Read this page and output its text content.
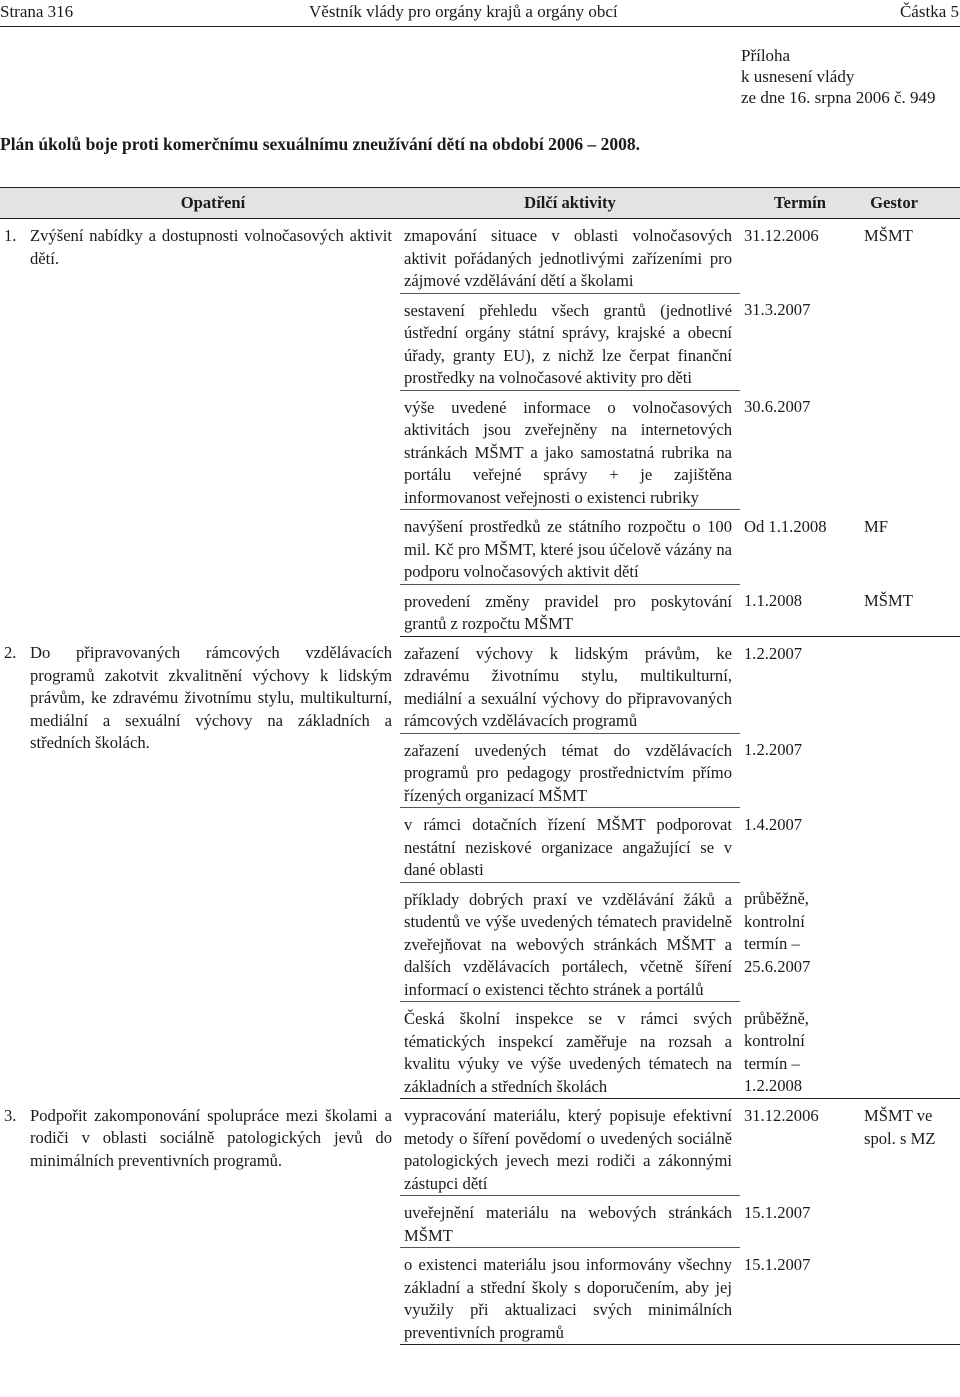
Strana 316	Věstník vlády pro orgány krajů a orgány obcí	Částka 5
Příloha
k usnesení vlády
ze dne 16. srpna 2006 č. 949
Plán úkolů boje proti komerčnímu sexuálnímu zneužívání dětí na období 2006 – 2008.
	Opatření	Dílčí aktivity	Termín	Gestor
1.	Zvýšení nabídky a dostupnosti volnočasových aktivit dětí.	zmapování situace v oblasti volnočasových aktivit pořádaných jednotlivými zařízeními pro zájmové vzdělávání dětí a školami	31.12.2006	MŠMT
		sestavení přehledu všech grantů (jednotlivé ústřední orgány státní správy, krajské a obecní úřady, granty EU), z nichž lze čerpat finanční prostředky na volnočasové aktivity pro děti	31.3.2007	
		výše uvedené informace o volnočasových aktivitách jsou zveřejněny na internetových stránkách MŠMT a jako samostatná rubrika na portálu veřejné správy + je zajištěna informovanost veřejnosti o existenci rubriky	30.6.2007	
		navýšení prostředků ze státního rozpočtu o 100 mil. Kč pro MŠMT, které jsou účelově vázány na podporu volnočasových aktivit dětí	Od 1.1.2008	MF
		provedení změny pravidel pro poskytování grantů z rozpočtu MŠMT	1.1.2008	MŠMT
2.	Do připravovaných rámcových vzdělávacích programů zakotvit zkvalitnění výchovy k lidským právům, ke zdravému životnímu stylu, multikulturní, mediální a sexuální výchovy na základních a středních školách.	zařazení výchovy k lidským právům, ke zdravému životnímu stylu, multikulturní, mediální a sexuální výchovy do připravovaných rámcových vzdělávacích programů	1.2.2007	
		zařazení uvedených témat do vzdělávacích programů pro pedagogy prostřednictvím přímo řízených organizací MŠMT	1.2.2007	
		v rámci dotačních řízení MŠMT podporovat nestátní neziskové organizace angažující se v dané oblasti	1.4.2007	
		příklady dobrých praxí ve vzdělávání žáků a studentů ve výše uvedených tématech pravidelně zveřejňovat na webových stránkách MŠMT a dalších vzdělávacích portálech, včetně šíření informací o existenci těchto stránek a portálů	průběžně, kontrolní termín – 25.6.2007	
		Česká školní inspekce se v rámci svých tématických inspekcí zaměřuje na rozsah a kvalitu výuky ve výše uvedených tématech na základních a středních školách	průběžně, kontrolní termín – 1.2.2008	
3.	Podpořit zakomponování spolupráce mezi školami a rodiči v oblasti sociálně patologických jevů do minimálních preventivních programů.	vypracování materiálu, který popisuje efektivní metody o šíření povědomí o uvedených sociálně patologických jevech mezi rodiči a zákonnými zástupci dětí	31.12.2006	MŠMT ve spol. s MZ
		uveřejnění materiálu na webových stránkách MŠMT	15.1.2007	
		o existenci materiálu jsou informovány všechny základní a střední školy s doporučením, aby jej využily při aktualizaci svých minimálních preventivních programů	15.1.2007	
